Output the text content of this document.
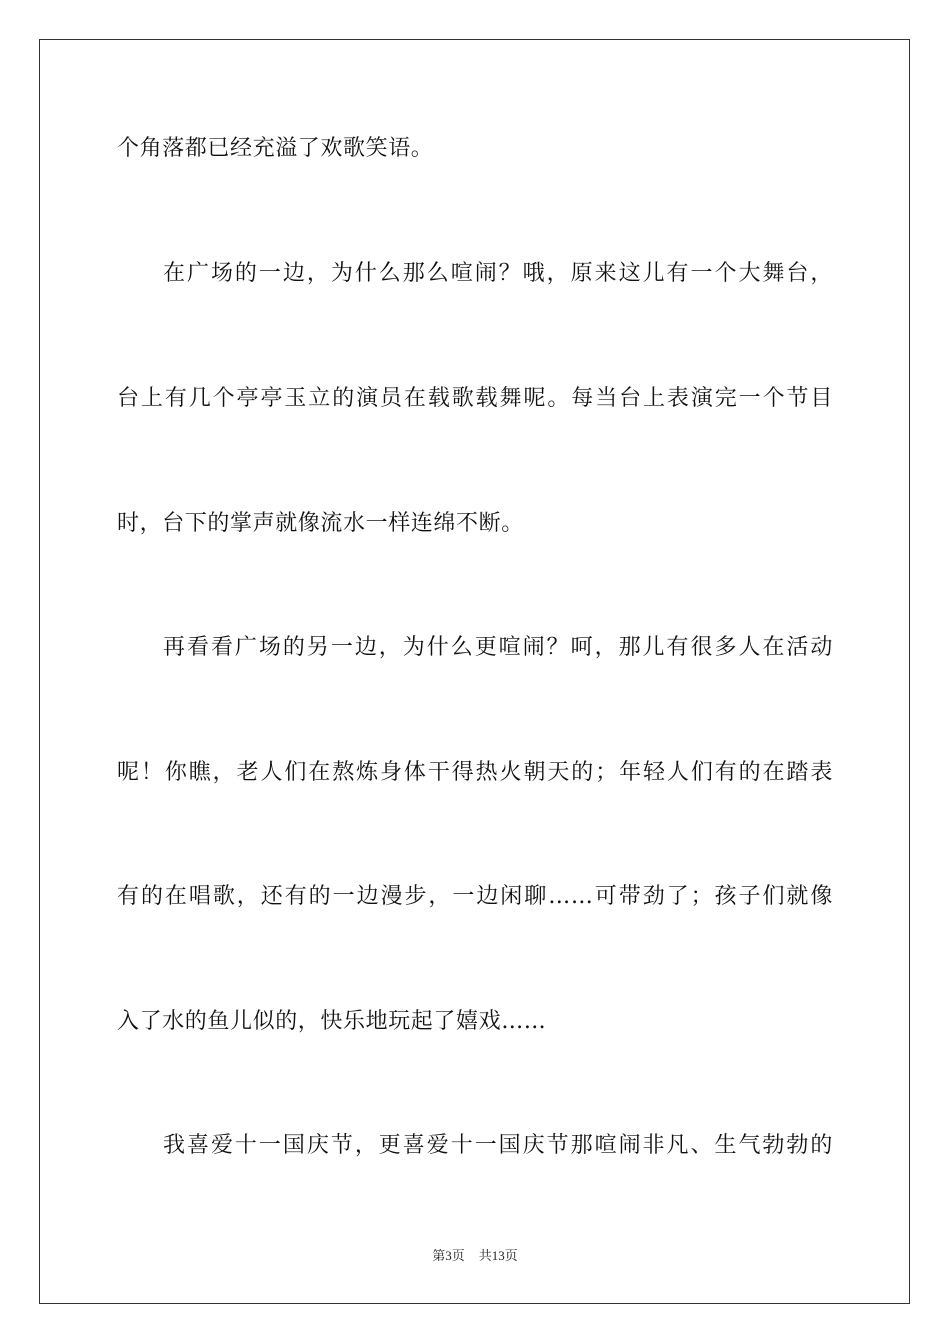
个角落都已经充溢了欢歌笑语。
在广场的一边，为什么那么喧闹？哦，原来这儿有一个大舞台，
台上有几个亭亭玉立的演员在载歌载舞呢。每当台上表演完一个节目
时，台下的掌声就像流水一样连绵不断。
再看看广场的另一边，为什么更喧闹？呵，那儿有很多人在活动
呢！你瞧，老人们在熬炼身体干得热火朝天的；年轻人们有的在踏表
有的在唱歌，还有的一边漫步，一边闲聊……可带劲了；孩子们就像
入了水的鱼儿似的，快乐地玩起了嬉戏……
我喜爱十一国庆节，更喜爱十一国庆节那喧闹非凡、生气勃勃的
第3页 共13页
